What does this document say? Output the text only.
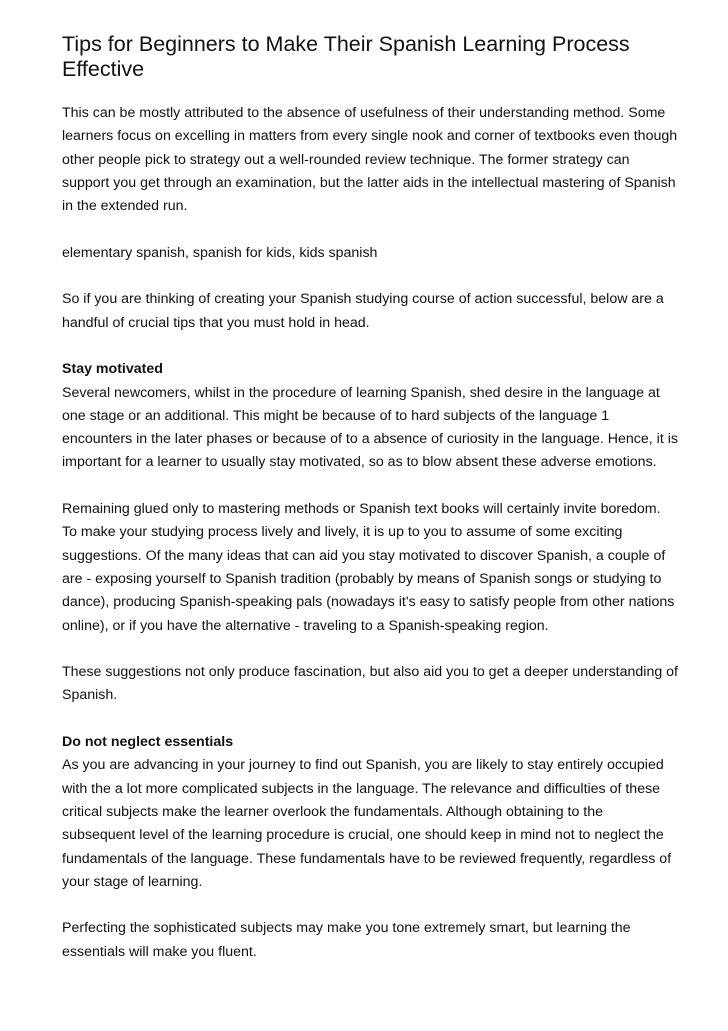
Tips for Beginners to Make Their Spanish Learning Process Effective

This can be mostly attributed to the absence of usefulness of their understanding method. Some learners focus on excelling in matters from every single nook and corner of textbooks even though other people pick to strategy out a well-rounded review technique. The former strategy can support you get through an examination, but the latter aids in the intellectual mastering of Spanish in the extended run.

elementary spanish, spanish for kids, kids spanish

So if you are thinking of creating your Spanish studying course of action successful, below are a handful of crucial tips that you must hold in head.

Stay motivated

Several newcomers, whilst in the procedure of learning Spanish, shed desire in the language at one stage or an additional. This might be because of to hard subjects of the language 1 encounters in the later phases or because of to a absence of curiosity in the language. Hence, it is important for a learner to usually stay motivated, so as to blow absent these adverse emotions.

Remaining glued only to mastering methods or Spanish text books will certainly invite boredom. To make your studying process lively and lively, it is up to you to assume of some exciting suggestions. Of the many ideas that can aid you stay motivated to discover Spanish, a couple of are - exposing yourself to Spanish tradition (probably by means of Spanish songs or studying to dance), producing Spanish-speaking pals (nowadays it's easy to satisfy people from other nations online), or if you have the alternative - traveling to a Spanish-speaking region.

These suggestions not only produce fascination, but also aid you to get a deeper understanding of Spanish.

Do not neglect essentials

As you are advancing in your journey to find out Spanish, you are likely to stay entirely occupied with the a lot more complicated subjects in the language. The relevance and difficulties of these critical subjects make the learner overlook the fundamentals. Although obtaining to the subsequent level of the learning procedure is crucial, one should keep in mind not to neglect the fundamentals of the language. These fundamentals have to be reviewed frequently, regardless of your stage of learning.

Perfecting the sophisticated subjects may make you tone extremely smart, but learning the essentials will make you fluent.
